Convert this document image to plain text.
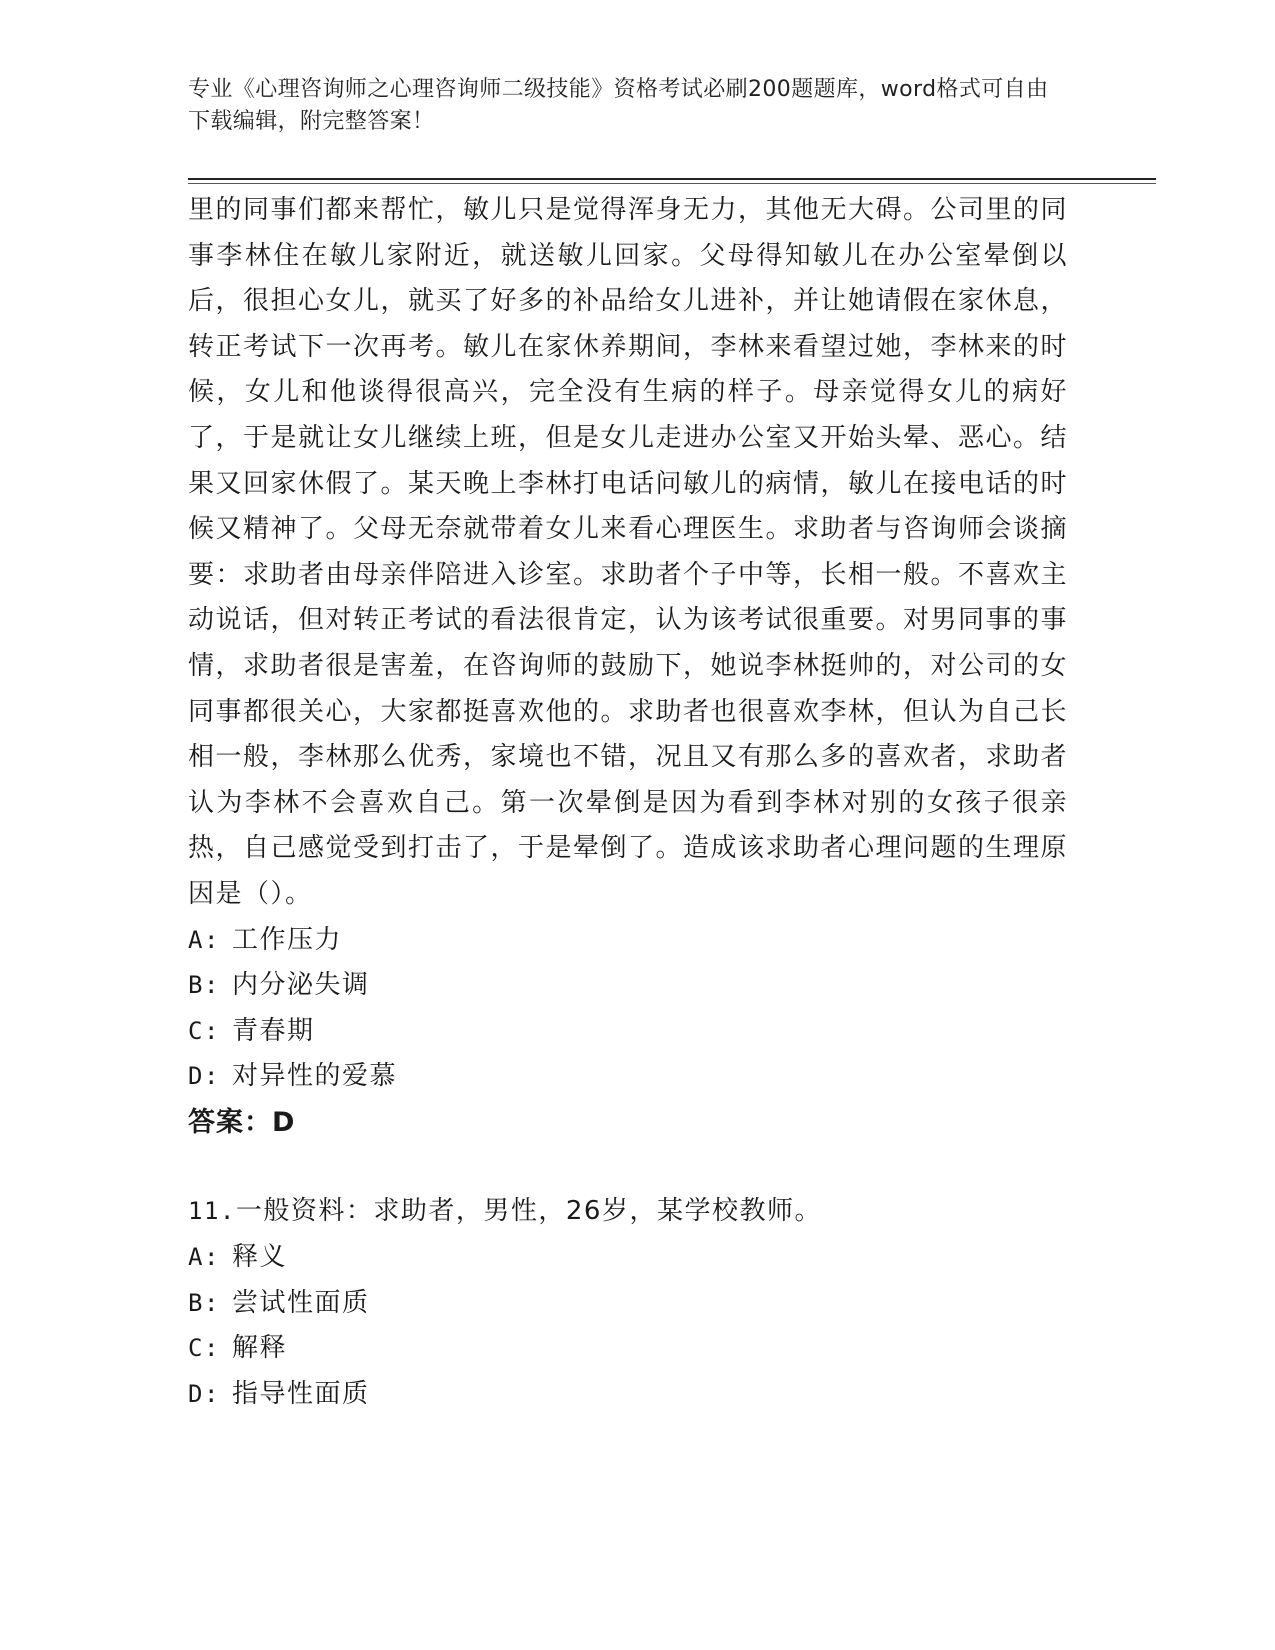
专业《心理咨询师之心理咨询师二级技能》资格考试必刷200题题库，word格式可自由下载编辑，附完整答案！

里的同事们都来帮忙，敏儿只是觉得浑身无力，其他无大碍。公司里的同事李林住在敏儿家附近，就送敏儿回家。父母得知敏儿在办公室晕倒以后，很担心女儿，就买了好多的补品给女儿进补，并让她请假在家休息，转正考试下一次再考。敏儿在家休养期间，李林来看望过她，李林来的时候，女儿和他谈得很高兴，完全没有生病的样子。母亲觉得女儿的病好了，于是就让女儿继续上班，但是女儿走进办公室又开始头晕、恶心。结果又回家休假了。某天晚上李林打电话问敏儿的病情，敏儿在接电话的时候又精神了。父母无奈就带着女儿来看心理医生。求助者与咨询师会谈摘要：求助者由母亲伴陪进入诊室。求助者个子中等，长相一般。不喜欢主动说话，但对转正考试的看法很肯定，认为该考试很重要。对男同事的事情，求助者很是害羞，在咨询师的鼓励下，她说李林挺帅的，对公司的女同事都很关心，大家都挺喜欢他的。求助者也很喜欢李林，但认为自己长相一般，李林那么优秀，家境也不错，况且又有那么多的喜欢者，求助者认为李林不会喜欢自己。第一次晕倒是因为看到李林对别的女孩子很亲热，自己感觉受到打击了，于是晕倒了。造成该求助者心理问题的生理原因是（）。

A: 工作压力
B: 内分泌失调
C: 青春期
D: 对异性的爱慕

答案：D

11.一般资料：求助者，男性，26岁，某学校教师。

A: 释义
B: 尝试性面质
C: 解释
D: 指导性面质
